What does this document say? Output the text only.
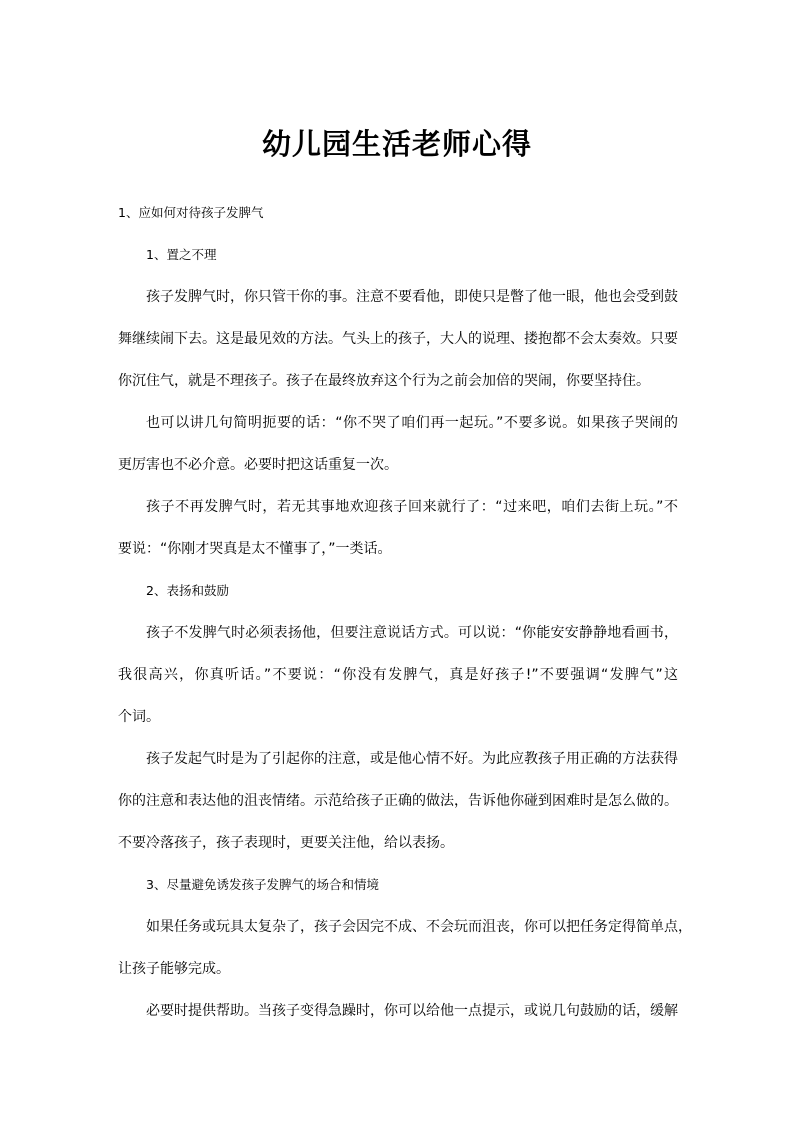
幼儿园生活老师心得
1、应如何对待孩子发脾气
1、置之不理
孩子发脾气时，你只管干你的事。注意不要看他，即使只是瞥了他一眼，他也会受到鼓
舞继续闹下去。这是最见效的方法。气头上的孩子，大人的说理、搂抱都不会太奏效。只要
你沉住气，就是不理孩子。孩子在最终放弃这个行为之前会加倍的哭闹，你要坚持住。
也可以讲几句简明扼要的话：“你不哭了咱们再一起玩。”不要多说。如果孩子哭闹的
更厉害也不必介意。必要时把这话重复一次。
孩子不再发脾气时，若无其事地欢迎孩子回来就行了：“过来吧，咱们去街上玩。”不
要说：“你刚才哭真是太不懂事了，”一类话。
2、表扬和鼓励
孩子不发脾气时必须表扬他，但要注意说话方式。可以说：“你能安安静静地看画书，
我很高兴，你真听话。”不要说：“你没有发脾气，真是好孩子!”不要强调“发脾气”这
个词。
孩子发起气时是为了引起你的注意，或是他心情不好。为此应教孩子用正确的方法获得
你的注意和表达他的沮丧情绪。示范给孩子正确的做法，告诉他你碰到困难时是怎么做的。
不要冷落孩子，孩子表现时，更要关注他，给以表扬。
3、尽量避免诱发孩子发脾气的场合和情境
如果任务或玩具太复杂了，孩子会因完不成、不会玩而沮丧，你可以把任务定得简单点，
让孩子能够完成。
必要时提供帮助。当孩子变得急躁时，你可以给他一点提示，或说几句鼓励的话，缓解
